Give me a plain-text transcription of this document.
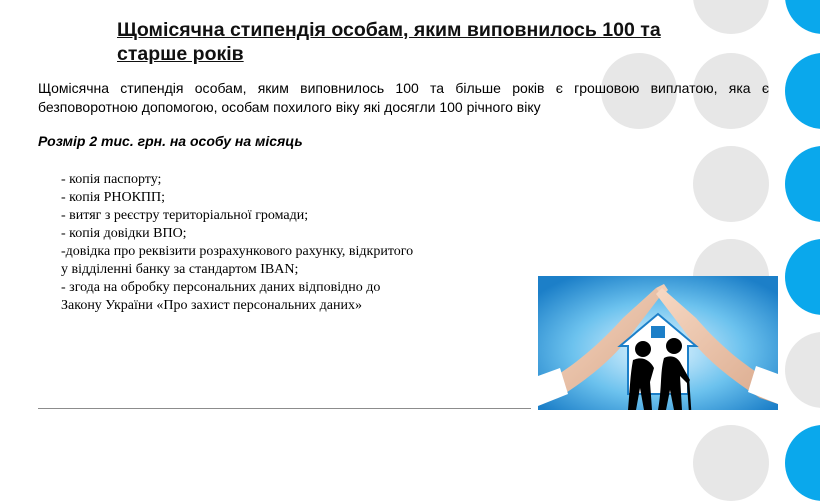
Щомісячна стипендія особам, яким виповнилось 100 та старше років
Щомісячна стипендія особам, яким виповнилось 100 та більше років є грошовою виплатою, яка є безповоротною допомогою, особам похилого віку які досягли 100 річного віку
Розмір 2 тис. грн. на особу на місяць
- копія паспорту;
- копія РНОКПП;
- витяг з реєстру територіальної громади;
- копія довідки ВПО;
-довідка про реквізити розрахункового рахунку, відкритого
у відділенні банку за стандартом IBAN;
- згода на обробку персональних даних відповідно до
Закону України «Про захист персональних даних»
